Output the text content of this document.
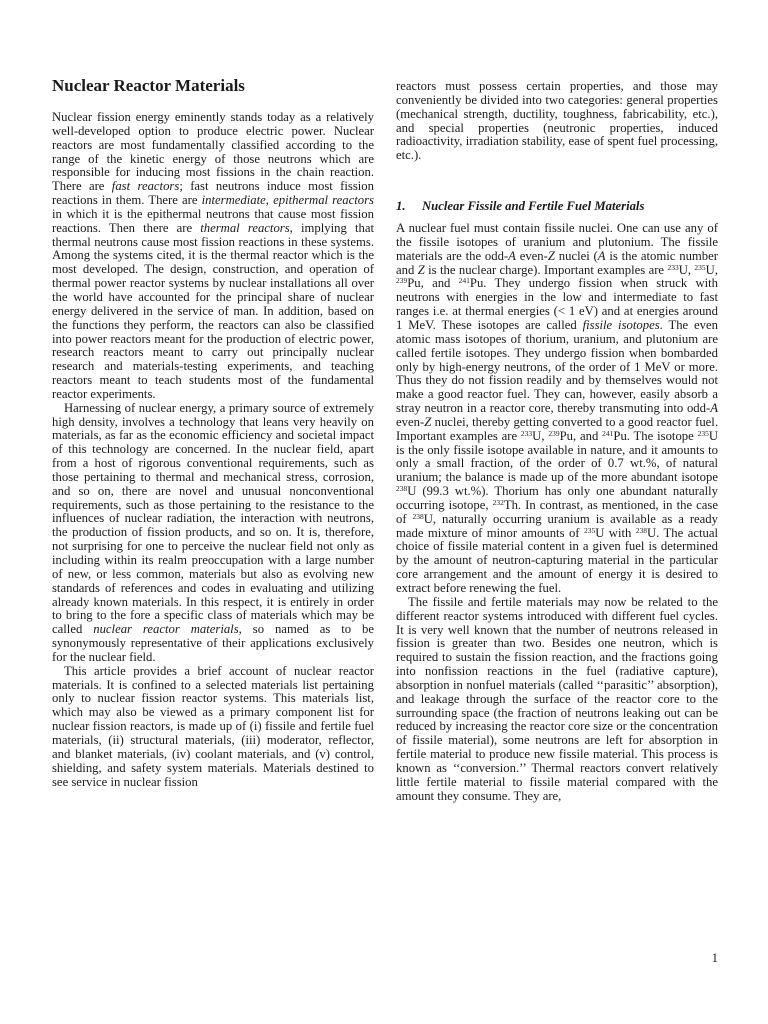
Nuclear Reactor Materials

Nuclear fission energy eminently stands today as a relatively well-developed option to produce electric power. Nuclear reactors are most fundamentally classified according to the range of the kinetic energy of those neutrons which are responsible for inducing most fissions in the chain reaction. There are fast reactors; fast neutrons induce most fission reactions in them. There are intermediate, epithermal reactors in which it is the epithermal neutrons that cause most fission reactions. Then there are thermal reactors, implying that thermal neutrons cause most fission reactions in these systems. Among the systems cited, it is the thermal reactor which is the most developed. The design, construction, and operation of thermal power reactor systems by nuclear installations all over the world have accounted for the principal share of nuclear energy delivered in the service of man. In addition, based on the functions they perform, the reactors can also be classified into power reactors meant for the production of electric power, research reactors meant to carry out principally nuclear research and materials-testing experiments, and teaching reactors meant to teach students most of the fundamental reactor experiments.

Harnessing of nuclear energy, a primary source of extremely high density, involves a technology that leans very heavily on materials, as far as the economic efficiency and societal impact of this technology are concerned. In the nuclear field, apart from a host of rigorous conventional requirements, such as those pertaining to thermal and mechanical stress, corrosion, and so on, there are novel and unusual nonconventional requirements, such as those pertaining to the resistance to the influences of nuclear radiation, the interaction with neutrons, the production of fission products, and so on. It is, therefore, not surprising for one to perceive the nuclear field not only as including within its realm preoccupation with a large number of new, or less common, materials but also as evolving new standards of references and codes in evaluating and utilizing already known materials. In this respect, it is entirely in order to bring to the fore a specific class of materials which may be called nuclear reactor materials, so named as to be synonymously representative of their applications exclusively for the nuclear field.

This article provides a brief account of nuclear reactor materials. It is confined to a selected materials list pertaining only to nuclear fission reactor systems. This materials list, which may also be viewed as a primary component list for nuclear fission reactors, is made up of (i) fissile and fertile fuel materials, (ii) structural materials, (iii) moderator, reflector, and blanket materials, (iv) coolant materials, and (v) control, shielding, and safety system materials. Materials destined to see service in nuclear fission

reactors must possess certain properties, and those may conveniently be divided into two categories: general properties (mechanical strength, ductility, toughness, fabricability, etc.), and special properties (neutronic properties, induced radioactivity, irradiation stability, ease of spent fuel processing, etc.).

A nuclear fuel must contain fissile nuclei. One can use any of the fissile isotopes of uranium and plutonium. The fissile materials are the odd-A even-Z nuclei (A is the atomic number and Z is the nuclear charge). Important examples are $^{233}$U, $^{235}$U, $^{239}$Pu, and $^{241}$Pu. They undergo fission when struck with neutrons with energies in the low and intermediate to fast ranges i.e. at thermal energies (< 1 eV) and at energies around 1 MeV. These isotopes are called fissile isotopes. The even atomic mass isotopes of thorium, uranium, and plutonium are called fertile isotopes. They undergo fission when bombarded only by high-energy neutrons, of the order of 1 MeV or more. Thus they do not fission readily and by themselves would not make a good reactor fuel. They can, however, easily absorb a stray neutron in a reactor core, thereby transmuting into odd-A even-Z nuclei, thereby getting converted to a good reactor fuel. Important examples are $^{233}$U, $^{239}$Pu, and $^{241}$Pu. The isotope $^{235}$U is the only fissile isotope available in nature, and it amounts to only a small fraction, of the order of 0.7 wt.%, of natural uranium; the balance is made up of the more abundant isotope $^{238}$U (99.3 wt.%). Thorium has only one abundant naturally occurring isotope, $^{232}$Th. In contrast, as mentioned, in the case of $^{238}$U, naturally occurring uranium is available as a ready made mixture of minor amounts of $^{235}$U with $^{238}$U. The actual choice of fissile material content in a given fuel is determined by the amount of neutron-capturing material in the particular core arrangement and the amount of energy it is desired to extract before renewing the fuel.

The fissile and fertile materials may now be related to the different reactor systems introduced with different fuel cycles. It is very well known that the number of neutrons released in fission is greater than two. Besides one neutron, which is required to sustain the fission reaction, and the fractions going into nonfission reactions in the fuel (radiative capture), absorption in nonfuel materials (called ‘‘parasitic’’ absorption), and leakage through the surface of the reactor core to the surrounding space (the fraction of neutrons leaking out can be reduced by increasing the reactor core size or the concentration of fissile material), some neutrons are left for absorption in fertile material to produce new fissile material. This process is known as ‘‘conversion.’’ Thermal reactors convert relatively little fertile material to fissile material compared with the amount they consume. They are,

1. Nuclear Fissile and Fertile Fuel Materials
1
